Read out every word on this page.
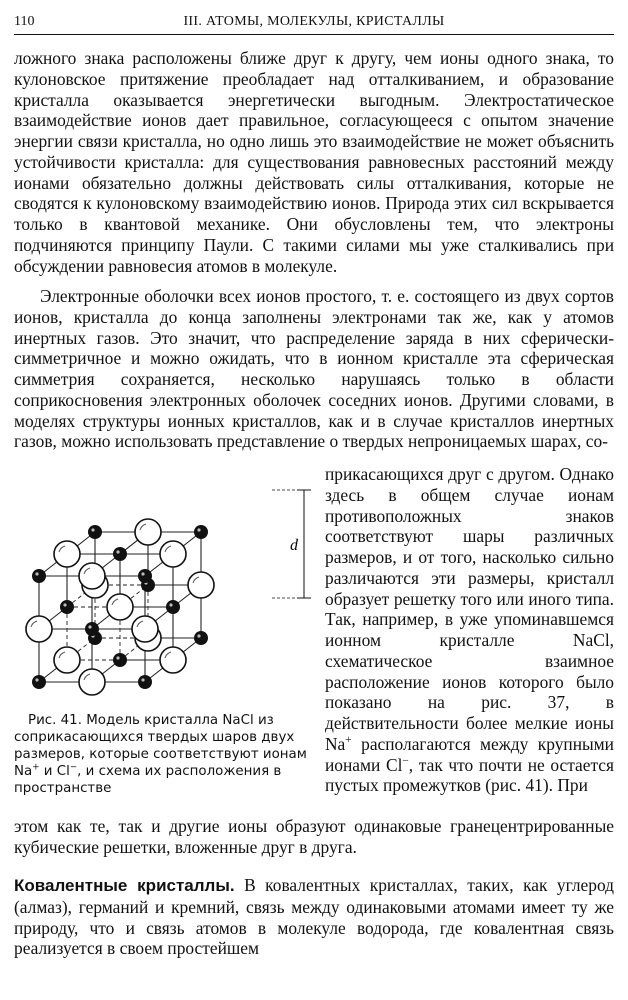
110	III. АТОМЫ, МОЛЕКУЛЫ, КРИСТАЛЛЫ

ложного знака расположены ближе друг к другу, чем ионы одного знака, то кулоновское притяжение преобладает над отталкиванием, и образование кристалла оказывается энергетически выгодным. Электростатическое взаимодействие ионов дает правильное, согласующееся с опытом значение энергии связи кристалла, но одно лишь это взаимодействие не может объяснить устойчивости кристалла: для существования равновесных расстояний между ионами обязательно должны действовать силы отталкивания, которые не сводятся к кулоновскому взаимодействию ионов. Природа этих сил вскрывается только в квантовой механике. Они обусловлены тем, что электроны подчиняются принципу Паули. С такими силами мы уже сталкивались при обсуждении равновесия атомов в молекуле.

Электронные оболочки всех ионов простого, т. е. состоящего из двух сортов ионов, кристалла до конца заполнены электронами так же, как у атомов инертных газов. Это значит, что распределение заряда в них сферически-симметричное и можно ожидать, что в ионном кристалле эта сферическая симметрия сохраняется, несколько нарушаясь только в области соприкосновения электронных оболочек соседних ионов. Другими словами, в моделях структуры ионных кристаллов, как и в случае кристаллов инертных газов, можно использовать представление о твердых непроницаемых шарах, со-

d

Рис. 41. Модель кристалла NaCl из соприкасающихся твердых шаров двух размеров, которые соответствуют ионам Na+ и Cl−, и схема их расположения в пространстве

прикасающихся друг с другом. Однако здесь в общем случае ионам противоположных знаков соответствуют шары различных размеров, и от того, насколько сильно различаются эти размеры, кристалл образует решетку того или иного типа. Так, например, в уже упоминавшемся ионном кристалле NaCl, схематическое взаимное расположение ионов которого было показано на рис. 37, в действительности более мелкие ионы Na+ располагаются между крупными ионами Cl−, так что почти не остается пустых промежутков (рис. 41). При

этом как те, так и другие ионы образуют одинаковые гранецентрированные кубические решетки, вложенные друг в друга.

Ковалентные кристаллы. В ковалентных кристаллах, таких, как углерод (алмаз), германий и кремний, связь между одинаковыми атомами имеет ту же природу, что и связь атомов в молекуле водорода, где ковалентная связь реализуется в своем простейшем
